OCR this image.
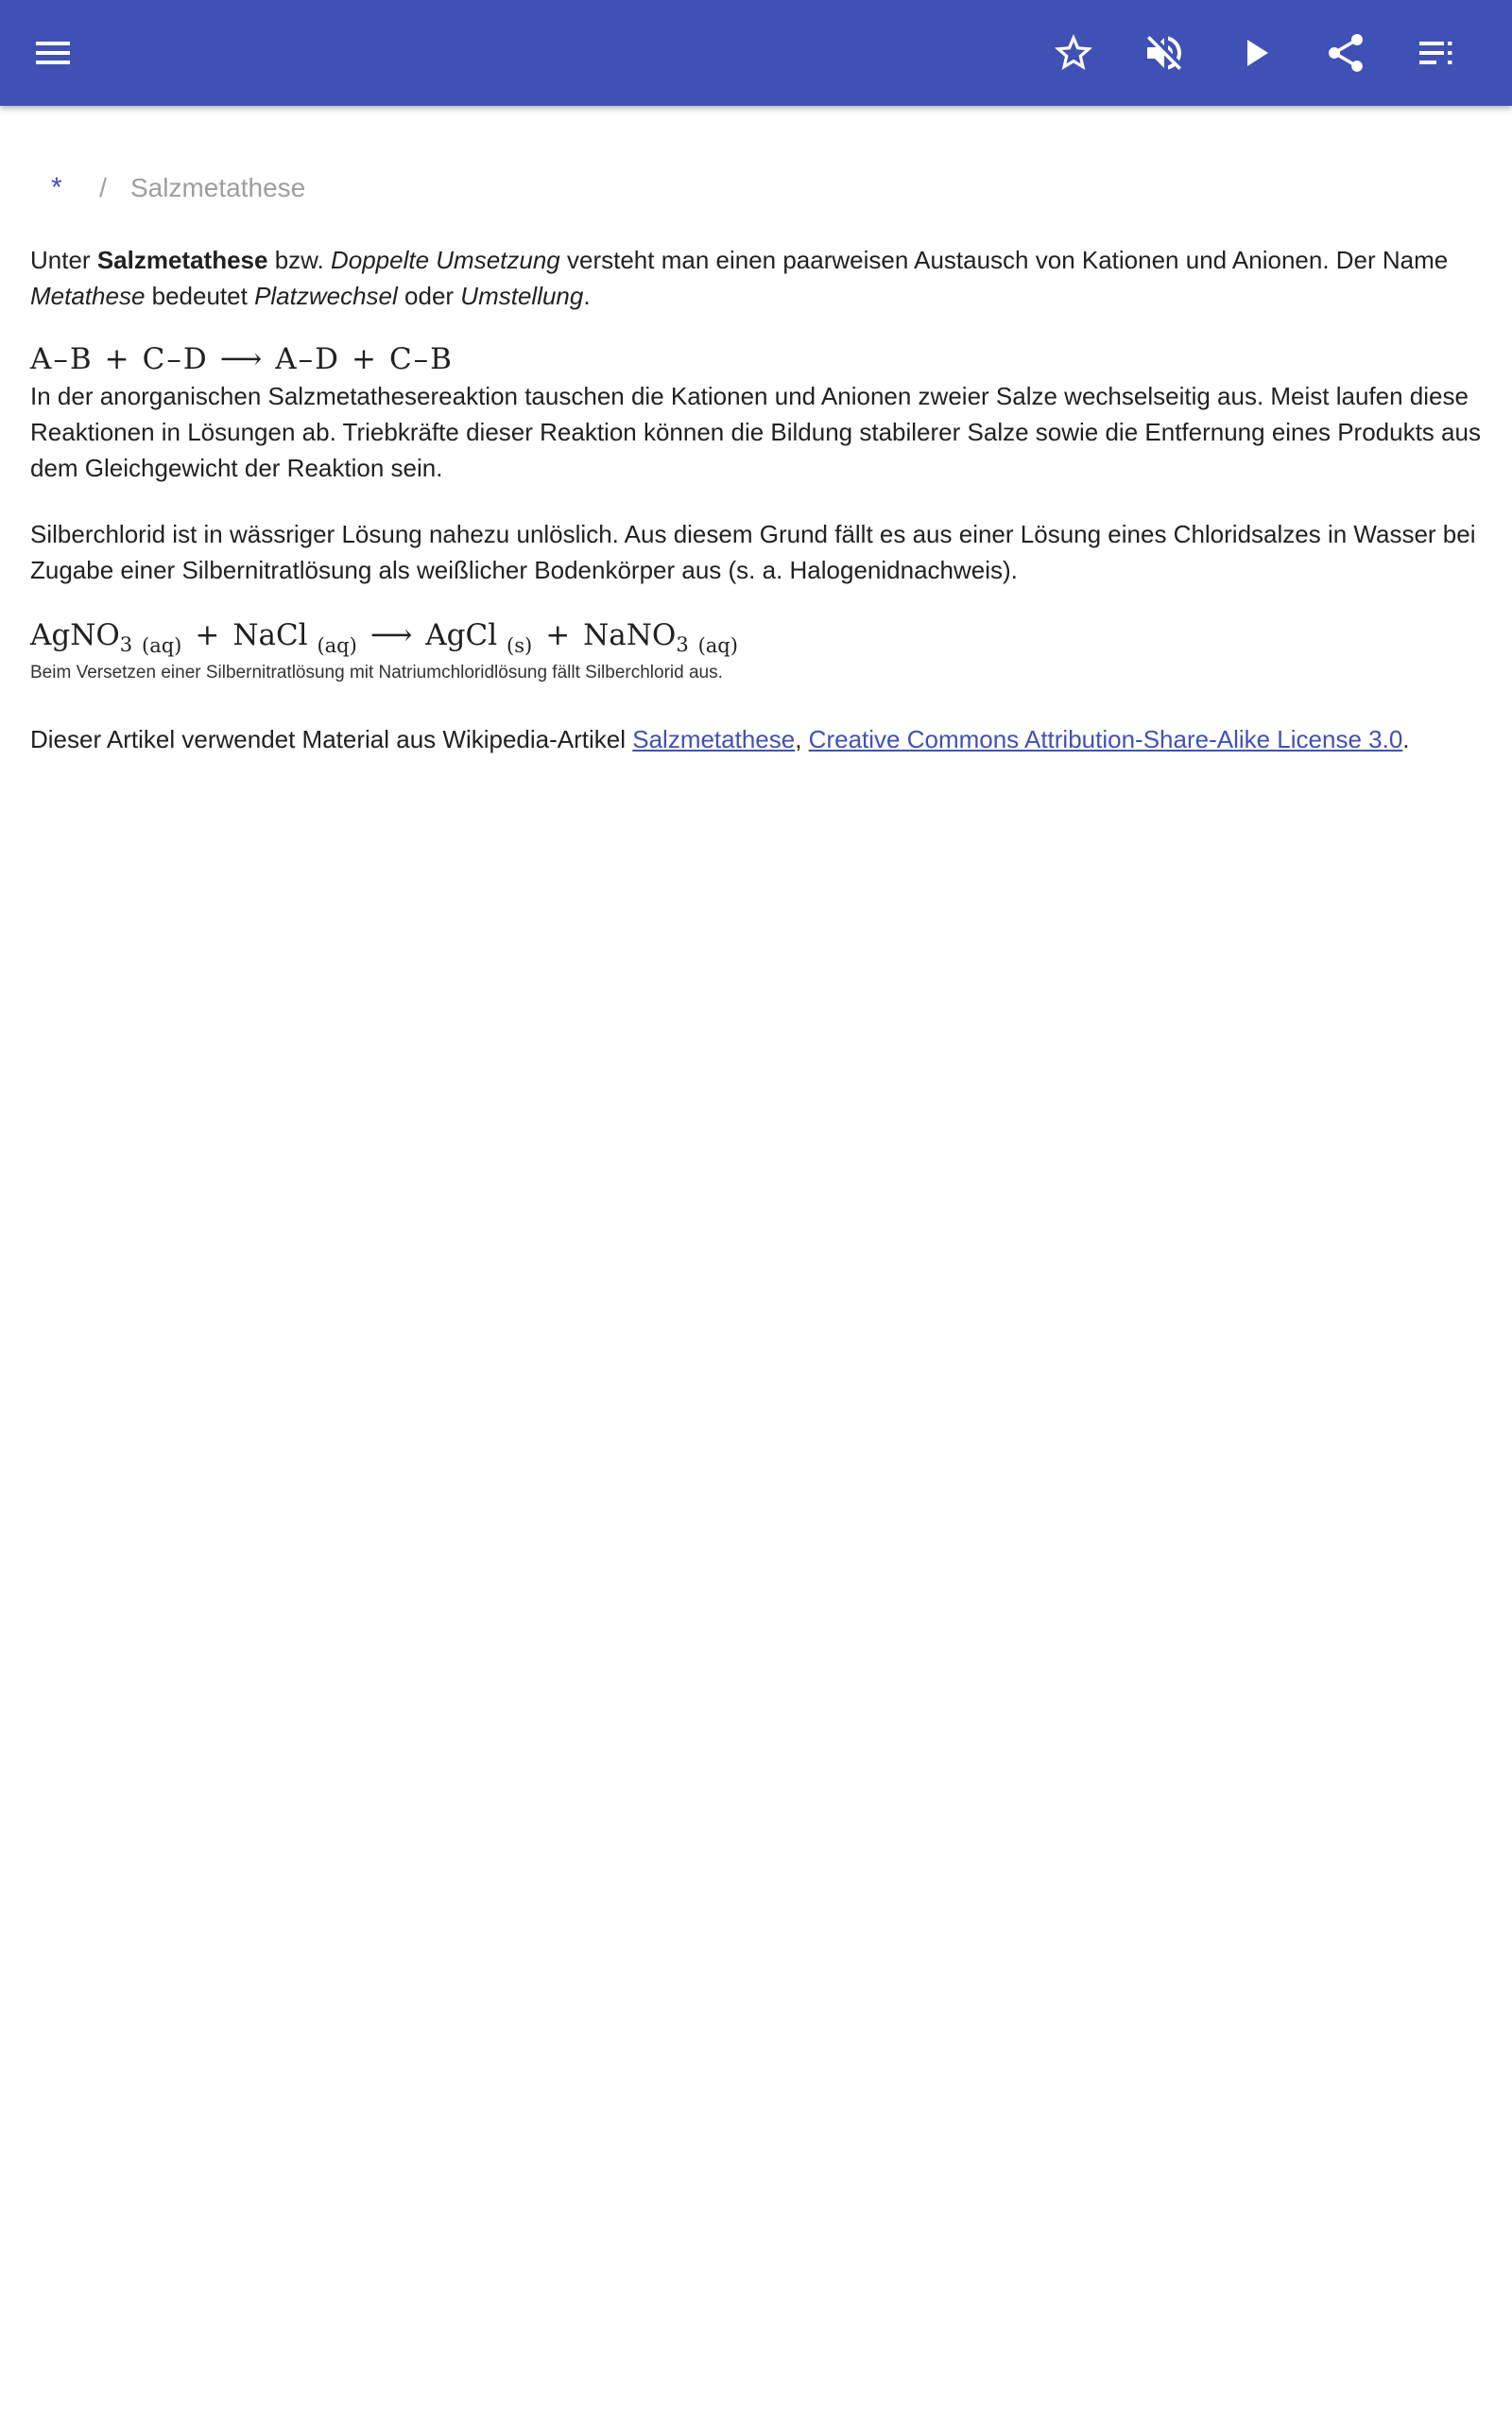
*	/ Salzmetathese

Unter Salzmetathese bzw. Doppelte Umsetzung versteht man einen paarweisen Austausch von Kationen und Anionen. Der Name Metathese bedeutet Platzwechsel oder Umstellung.

A–B + C–D ⟶ A–D + C–B

In der anorganischen Salzmetathesereaktion tauschen die Kationen und Anionen zweier Salze wechselseitig aus. Meist laufen diese Reaktionen in Lösungen ab. Triebkräfte dieser Reaktion können die Bildung stabilerer Salze sowie die Entfernung eines Produkts aus dem Gleichgewicht der Reaktion sein.

Silberchlorid ist in wässriger Lösung nahezu unlöslich. Aus diesem Grund fällt es aus einer Lösung eines Chloridsalzes in Wasser bei Zugabe einer Silbernitratlösung als weißlicher Bodenkörper aus (s. a. Halogenidnachweis).

AgNO$_3$ $_{(aq)}$ + NaCl $_{(aq)}$ ⟶ AgCl $_{(s)}$ + NaNO$_3$ $_{(aq)}$
Beim Versetzen einer Silbernitratlösung mit Natriumchloridlösung fällt Silberchlorid aus.

Dieser Artikel verwendet Material aus Wikipedia-Artikel Salzmetathese, Creative Commons Attribution-Share-Alike License 3.0.
